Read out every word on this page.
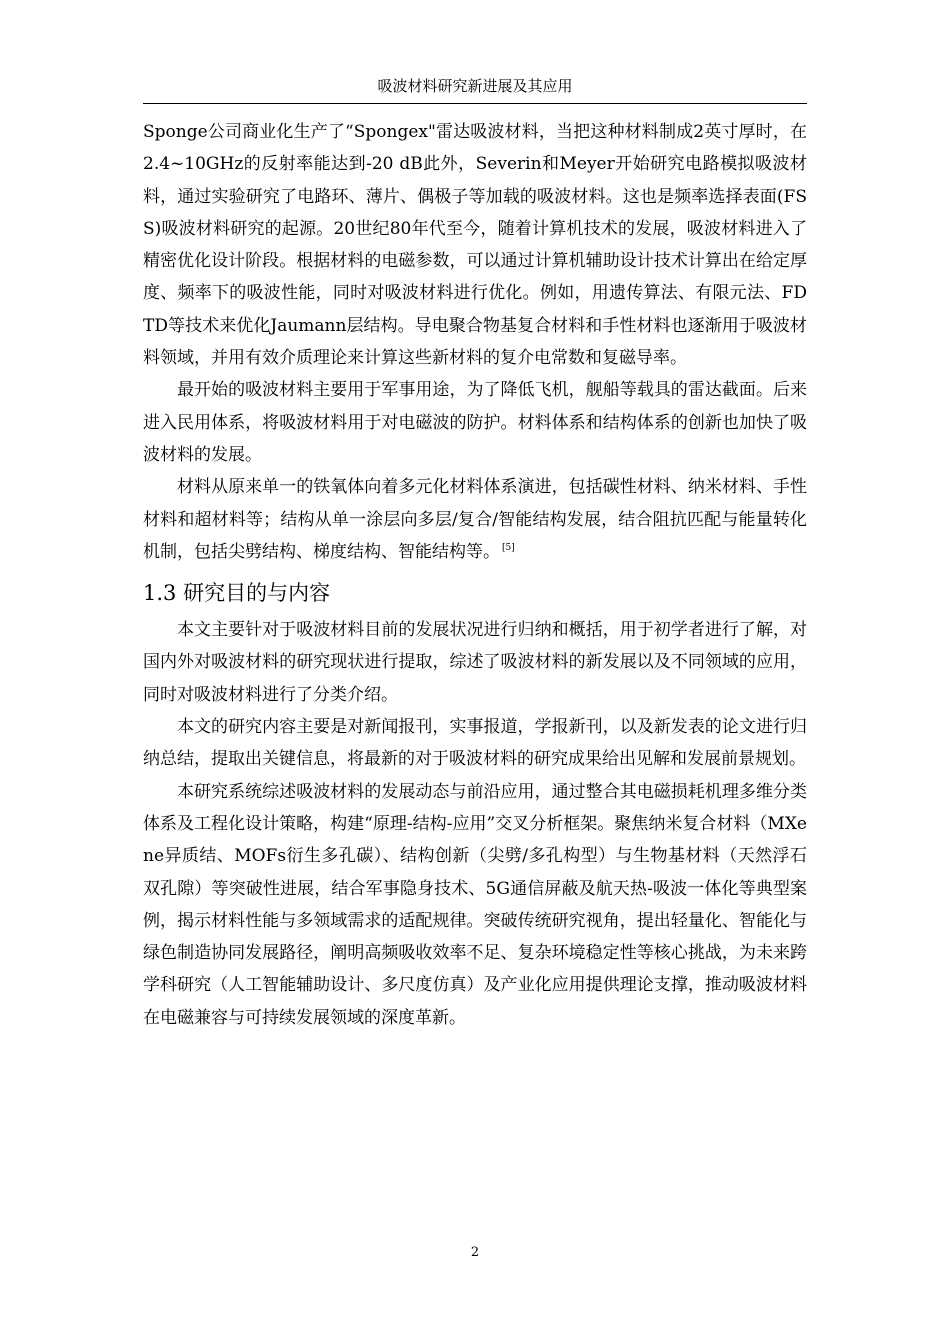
吸波材料研究新进展及其应用

Sponge公司商业化生产了“Spongex"雷达吸波材料，当把这种材料制成2英寸厚时，在2.4~10GHz的反射率能达到-20 dB此外，Severin和Meyer开始研究电路模拟吸波材料，通过实验研究了电路环、薄片、偶极子等加载的吸波材料。这也是频率选择表面(FSS)吸波材料研究的起源。20世纪80年代至今，随着计算机技术的发展，吸波材料进入了精密优化设计阶段。根据材料的电磁参数，可以通过计算机辅助设计技术计算出在给定厚度、频率下的吸波性能，同时对吸波材料进行优化。例如，用遗传算法、有限元法、FDTD等技术来优化Jaumann层结构。导电聚合物基复合材料和手性材料也逐渐用于吸波材料领域，并用有效介质理论来计算这些新材料的复介电常数和复磁导率。

最开始的吸波材料主要用于军事用途，为了降低飞机，舰船等载具的雷达截面。后来进入民用体系，将吸波材料用于对电磁波的防护。材料体系和结构体系的创新也加快了吸波材料的发展。

材料从原来单一的铁氧体向着多元化材料体系演进，包括碳性材料、纳米材料、手性材料和超材料等；结构从单一涂层向多层/复合/智能结构发展，结合阻抗匹配与能量转化机制，包括尖劈结构、梯度结构、智能结构等。 [5]

1.3 研究目的与内容

本文主要针对于吸波材料目前的发展状况进行归纳和概括，用于初学者进行了解，对国内外对吸波材料的研究现状进行提取，综述了吸波材料的新发展以及不同领域的应用，同时对吸波材料进行了分类介绍。

本文的研究内容主要是对新闻报刊，实事报道，学报新刊，以及新发表的论文进行归纳总结，提取出关键信息，将最新的对于吸波材料的研究成果给出见解和发展前景规划。

本研究系统综述吸波材料的发展动态与前沿应用，通过整合其电磁损耗机理多维分类体系及工程化设计策略，构建“原理-结构-应用”交叉分析框架。聚焦纳米复合材料（MXene异质结、MOFs衍生多孔碳）、结构创新（尖劈/多孔构型）与生物基材料（天然浮石双孔隙）等突破性进展，结合军事隐身技术、5G通信屏蔽及航天热-吸波一体化等典型案例，揭示材料性能与多领域需求的适配规律。突破传统研究视角，提出轻量化、智能化与绿色制造协同发展路径，阐明高频吸收效率不足、复杂环境稳定性等核心挑战，为未来跨学科研究（人工智能辅助设计、多尺度仿真）及产业化应用提供理论支撑，推动吸波材料在电磁兼容与可持续发展领域的深度革新。

2
